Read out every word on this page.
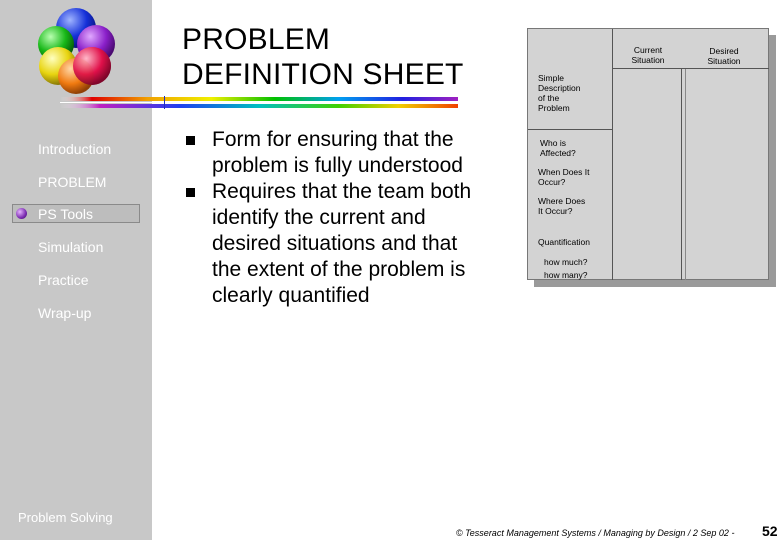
Introduction
PROBLEM
PS Tools
Simulation
Practice
Wrap-up
Problem Solving
PROBLEM
DEFINITION SHEET
Form for ensuring that the problem is fully understood
Requires that the team both identify the current and desired situations and that the extent of the problem is clearly quantified
Current
Situation
Desired
Situation
Simple
Description
of the
Problem
Who is
Affected?
When Does It
Occur?
Where Does
It Occur?
Quantification
how much?
how many?
© Tesseract Management Systems / Managing by Design / 2 Sep 02 - 52
